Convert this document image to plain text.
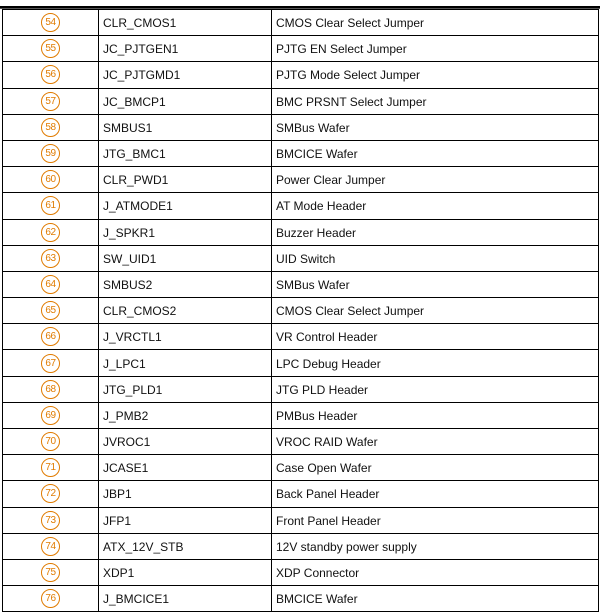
54	CLR_CMOS1	CMOS Clear Select Jumper
55	JC_PJTGEN1	PJTG EN Select Jumper
56	JC_PJTGMD1	PJTG Mode Select Jumper
57	JC_BMCP1	BMC PRSNT Select Jumper
58	SMBUS1	SMBus Wafer
59	JTG_BMC1	BMCICE Wafer
60	CLR_PWD1	Power Clear Jumper
61	J_ATMODE1	AT Mode Header
62	J_SPKR1	Buzzer Header
63	SW_UID1	UID Switch
64	SMBUS2	SMBus Wafer
65	CLR_CMOS2	CMOS Clear Select Jumper
66	J_VRCTL1	VR Control Header
67	J_LPC1	LPC Debug Header
68	JTG_PLD1	JTG PLD Header
69	J_PMB2	PMBus Header
70	JVROC1	VROC RAID Wafer
71	JCASE1	Case Open Wafer
72	JBP1	Back Panel Header
73	JFP1	Front Panel Header
74	ATX_12V_STB	12V standby power supply
75	XDP1	XDP Connector
76	J_BMCICE1	BMCICE Wafer
